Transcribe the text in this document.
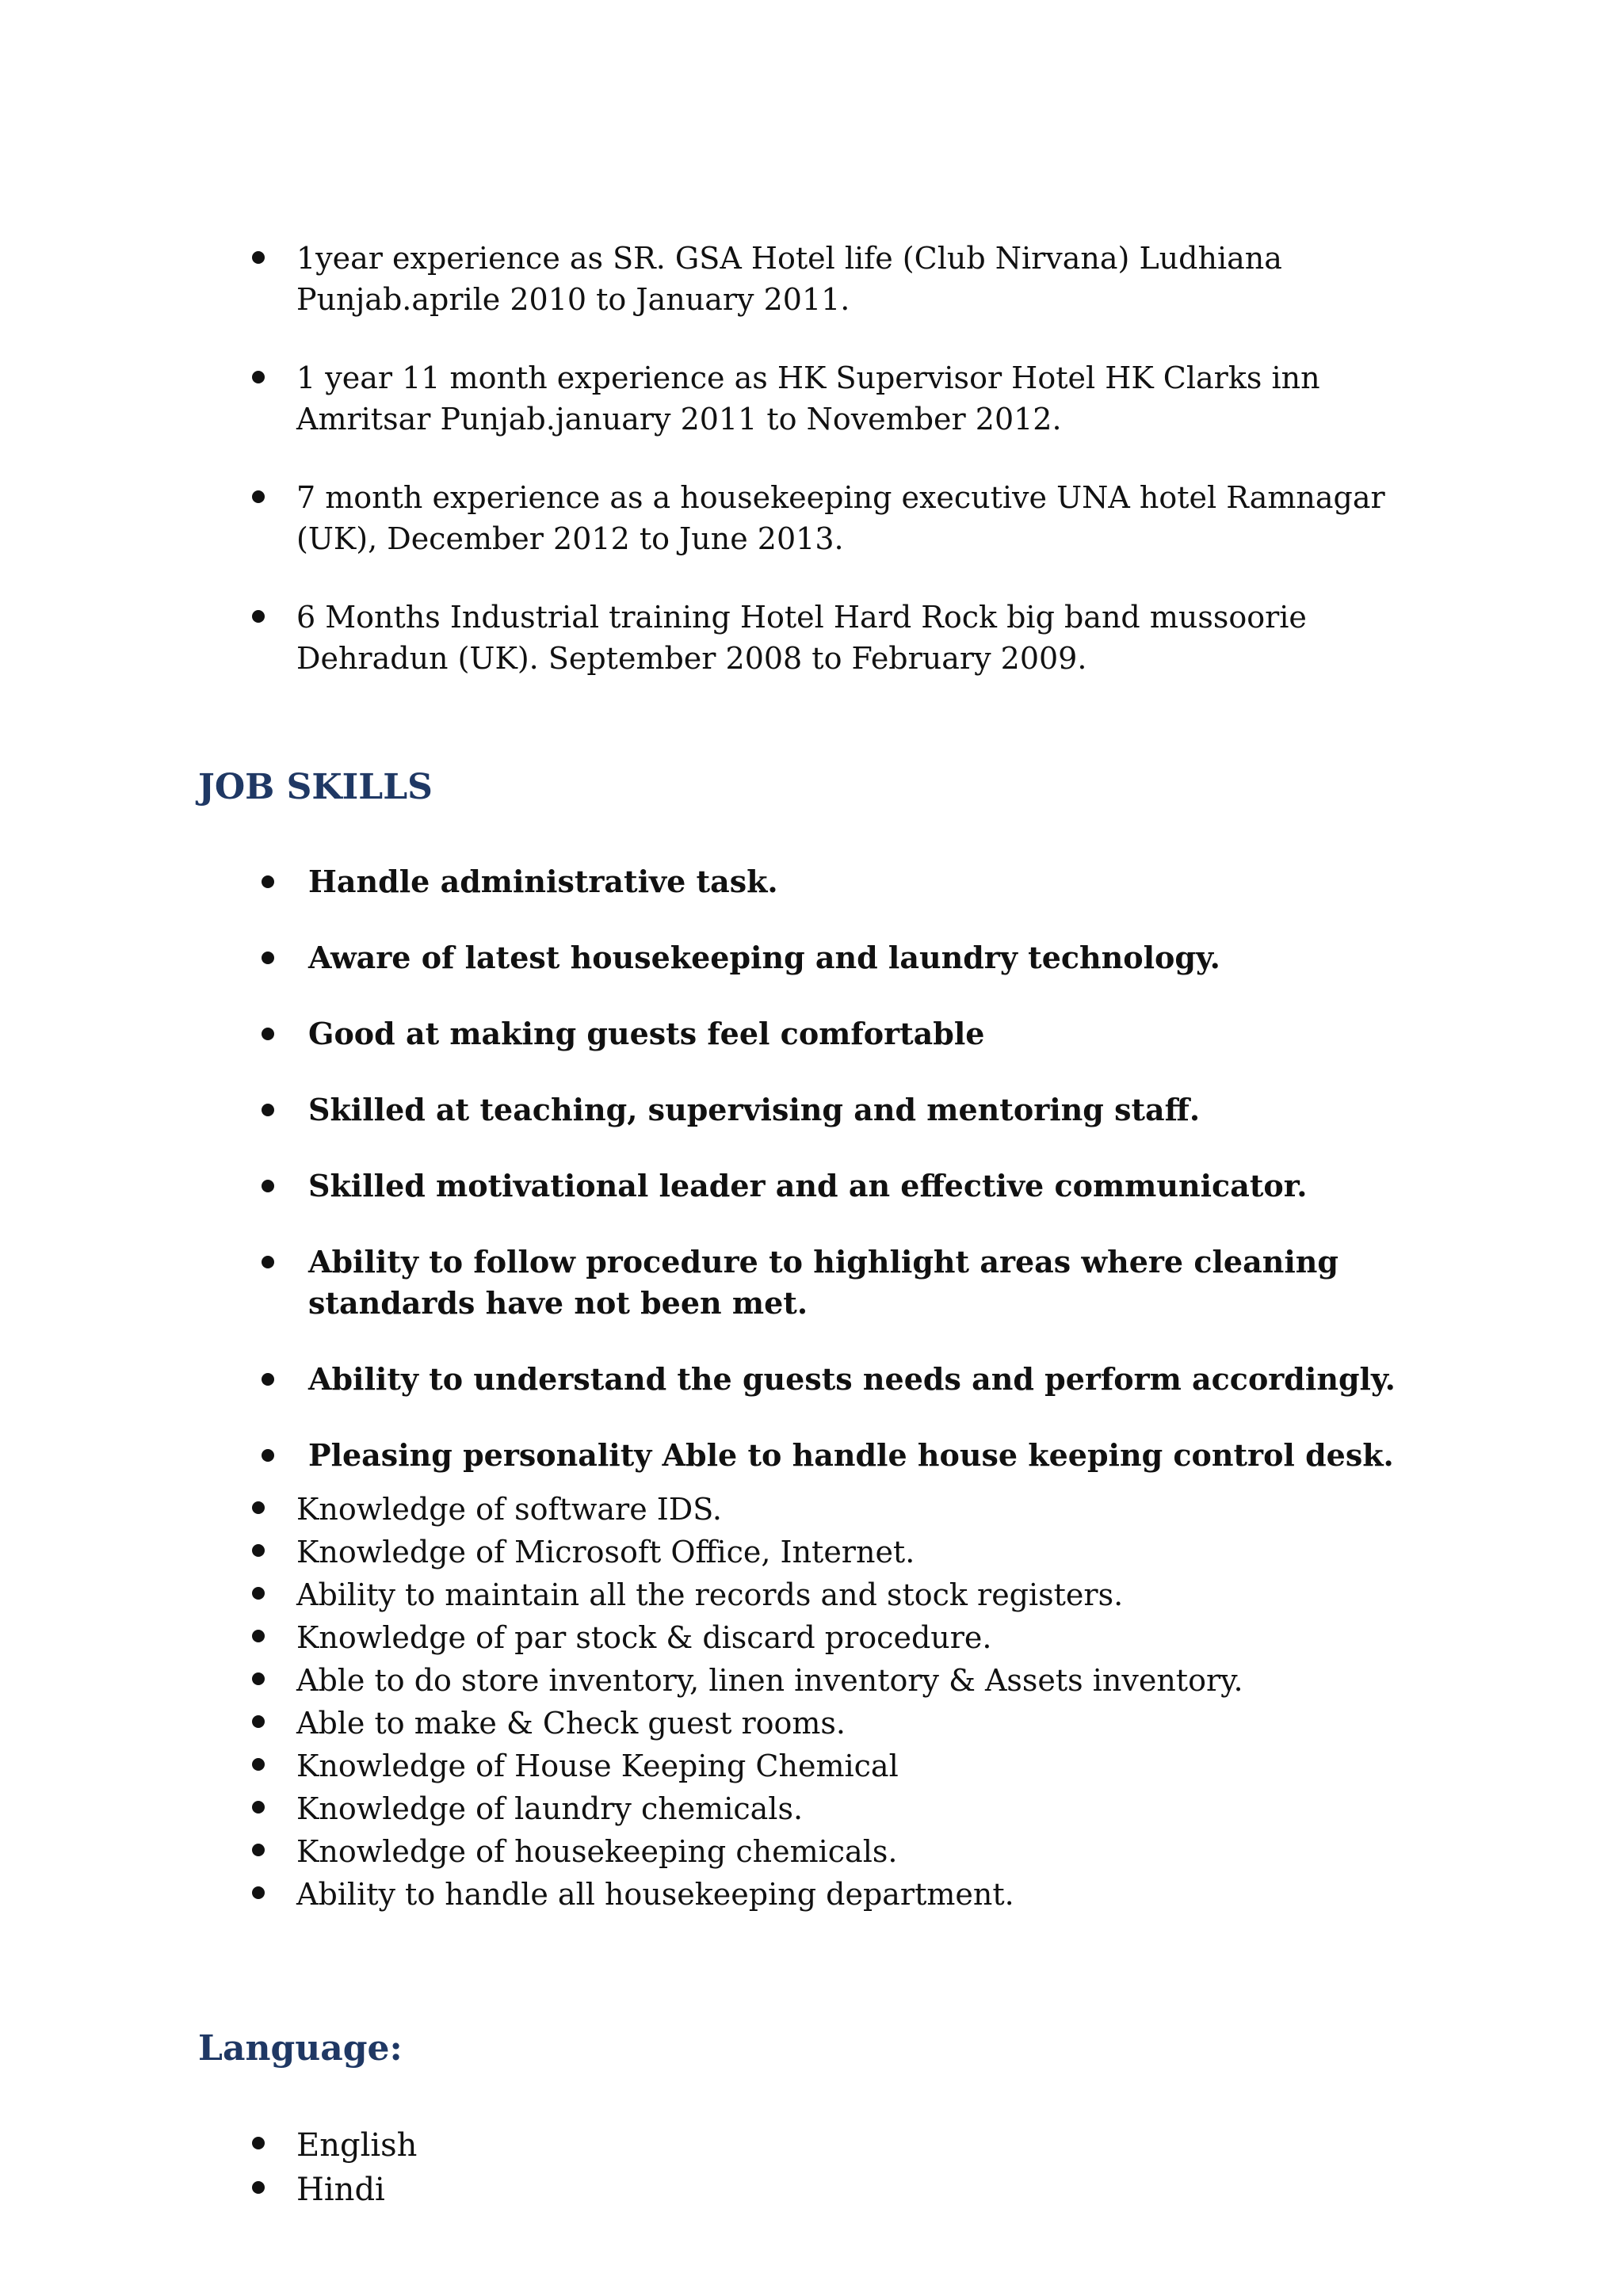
1year experience as SR. GSA Hotel life (Club Nirvana) Ludhiana Punjab.aprile 2010 to January 2011.
1 year 11 month experience as HK Supervisor Hotel HK Clarks inn Amritsar Punjab.january 2011 to November 2012.
7 month experience as a housekeeping executive UNA hotel Ramnagar (UK), December 2012 to June 2013.
6 Months Industrial training Hotel Hard Rock big band mussoorie Dehradun (UK). September 2008 to February 2009.
JOB SKILLS
Handle administrative task.
Aware of latest housekeeping and laundry technology.
Good at making guests feel comfortable
Skilled at teaching, supervising and mentoring staff.
Skilled motivational leader and an effective communicator.
Ability to follow procedure to highlight areas where cleaning standards have not been met.
Ability to understand the guests needs and perform accordingly.
Pleasing personality Able to handle house keeping control desk.
Knowledge of software IDS.
Knowledge of Microsoft Office, Internet.
Ability to maintain all the records and stock registers.
Knowledge of par stock & discard procedure.
Able to do store inventory, linen inventory & Assets inventory.
Able to make & Check guest rooms.
Knowledge of House Keeping Chemical
Knowledge of laundry chemicals.
Knowledge of housekeeping chemicals.
Ability to handle all housekeeping department.
Language:
English
Hindi
